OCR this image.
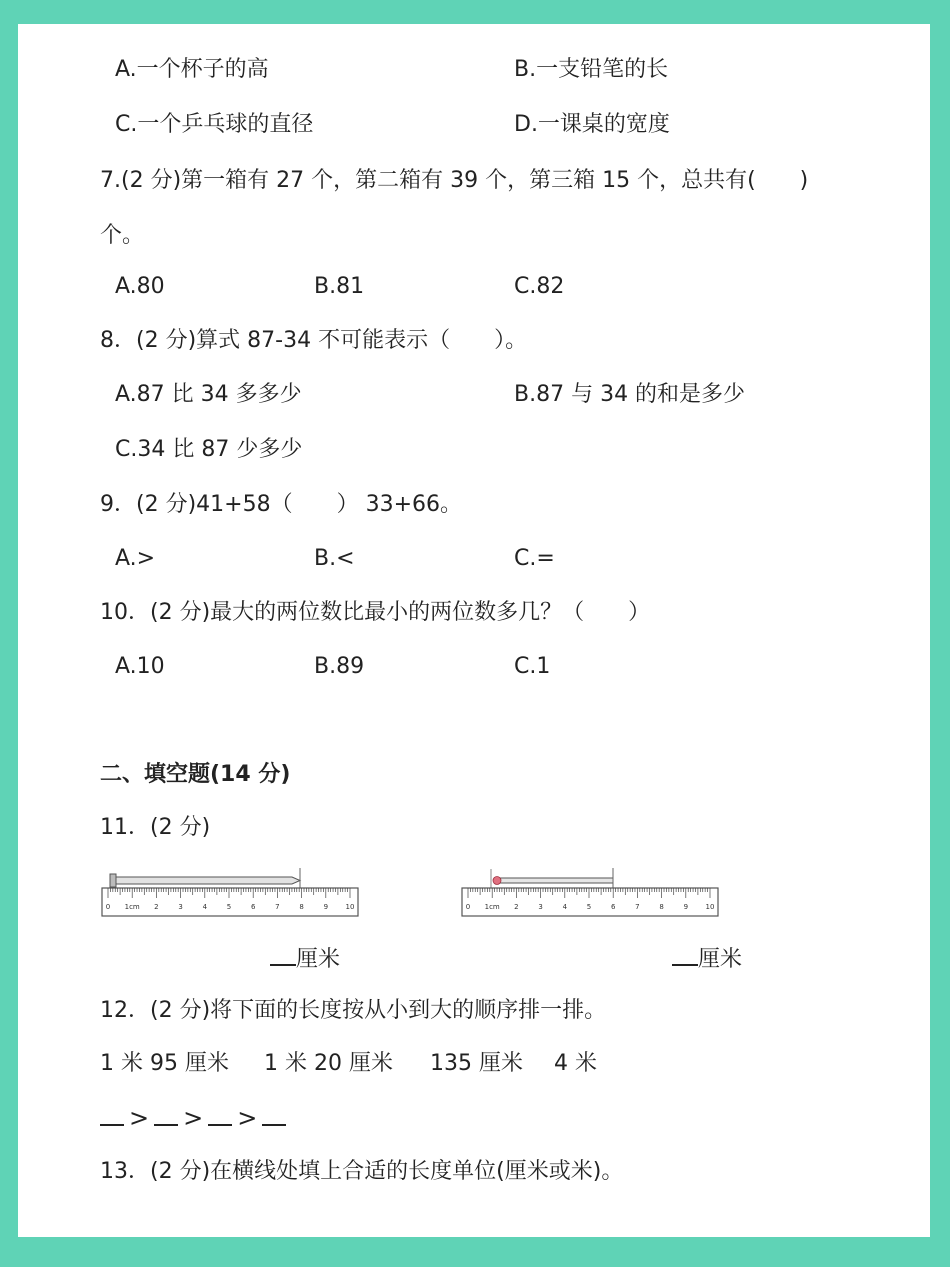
A.一个杯子的高	B.一支铅笔的长
C.一个乒乓球的直径	D.一课桌的宽度
7.(2 分)第一箱有 27 个，第二箱有 39 个，第三箱 15 个，总共有(　　)
个。
A.80	B.81	C.82
8．(2 分)算式 87-34 不可能表示（　　）。
A.87 比 34 多多少	B.87 与 34 的和是多少
C.34 比 87 少多少
9．(2 分)41+58（　　） 33+66。
A.>	B.<	C.=
10．(2 分)最大的两位数比最小的两位数多几？（　　）
A.10	B.89	C.1
二、填空题(14 分)
11．(2 分)
0 1cm 2	3	4	5	6	7	8	9	10	0 1cm 2	3	4	5	6	7	8	9	10
厘米	厘米
12．(2 分)将下面的长度按从小到大的顺序排一排。
1 米 95 厘米 1 米 20 厘米 135 厘米 4 米
> > >
13．(2 分)在横线处填上合适的长度单位(厘米或米)。
